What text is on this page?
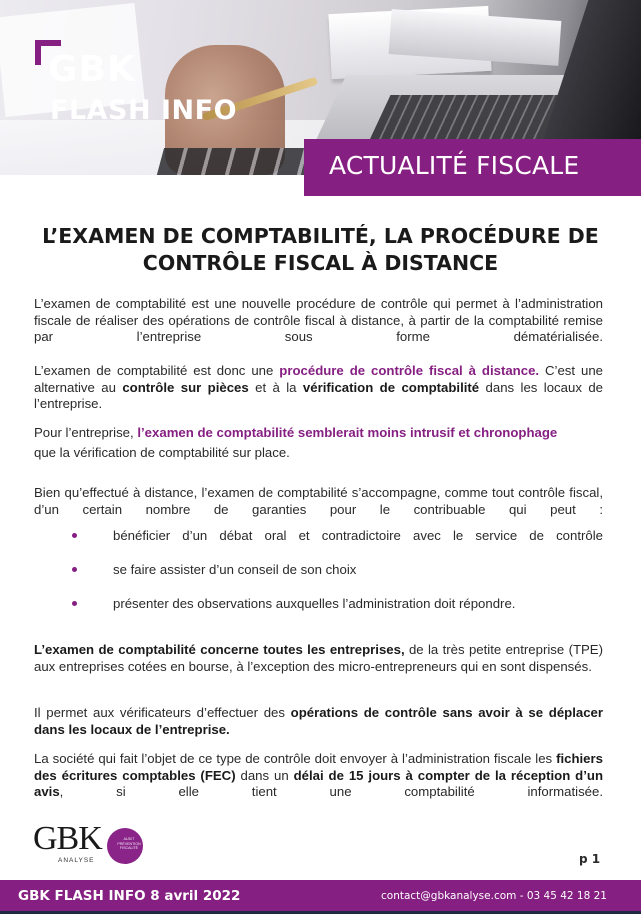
GBK
FLASH INFO
ACTUALITÉ FISCALE
L’EXAMEN DE COMPTABILITÉ, LA PROCÉDURE DE CONTRÔLE FISCAL À DISTANCE

L’examen de comptabilité est une nouvelle procédure de contrôle qui permet à l’administration fiscale de réaliser des opérations de contrôle fiscal à distance, à partir de la comptabilité remise par l’entreprise sous forme dématérialisée.

L’examen de comptabilité est donc une procédure de contrôle fiscal à distance. C’est une alternative au contrôle sur pièces et à la vérification de comptabilité dans les locaux de l’entreprise.

Pour l’entreprise, l’examen de comptabilité semblerait moins intrusif et chronophage
que la vérification de comptabilité sur place.

Bien qu’effectué à distance, l’examen de comptabilité s’accompagne, comme tout contrôle fiscal, d’un certain nombre de garanties pour le contribuable qui peut :

bénéficier d’un débat oral et contradictoire avec le service de contrôle
se faire assister d’un conseil de son choix
présenter des observations auxquelles l’administration doit répondre.

L’examen de comptabilité concerne toutes les entreprises, de la très petite entreprise (TPE) aux entreprises cotées en bourse, à l’exception des micro-entrepreneurs qui en sont dispensés.

Il permet aux vérificateurs d’effectuer des opérations de contrôle sans avoir à se déplacer dans les locaux de l’entreprise.

La société qui fait l’objet de ce type de contrôle doit envoyer à l’administration fiscale les fichiers des écritures comptables (FEC) dans un délai de 15 jours à compter de la réception d’un avis, si elle tient une comptabilité informatisée.

GBK
ANALYSE
AUDIT PRÉVENTION FISCALITÉ
p 1
GBK FLASH INFO 8 avril 2022	contact@gbkanalyse.com - 03 45 42 18 21
